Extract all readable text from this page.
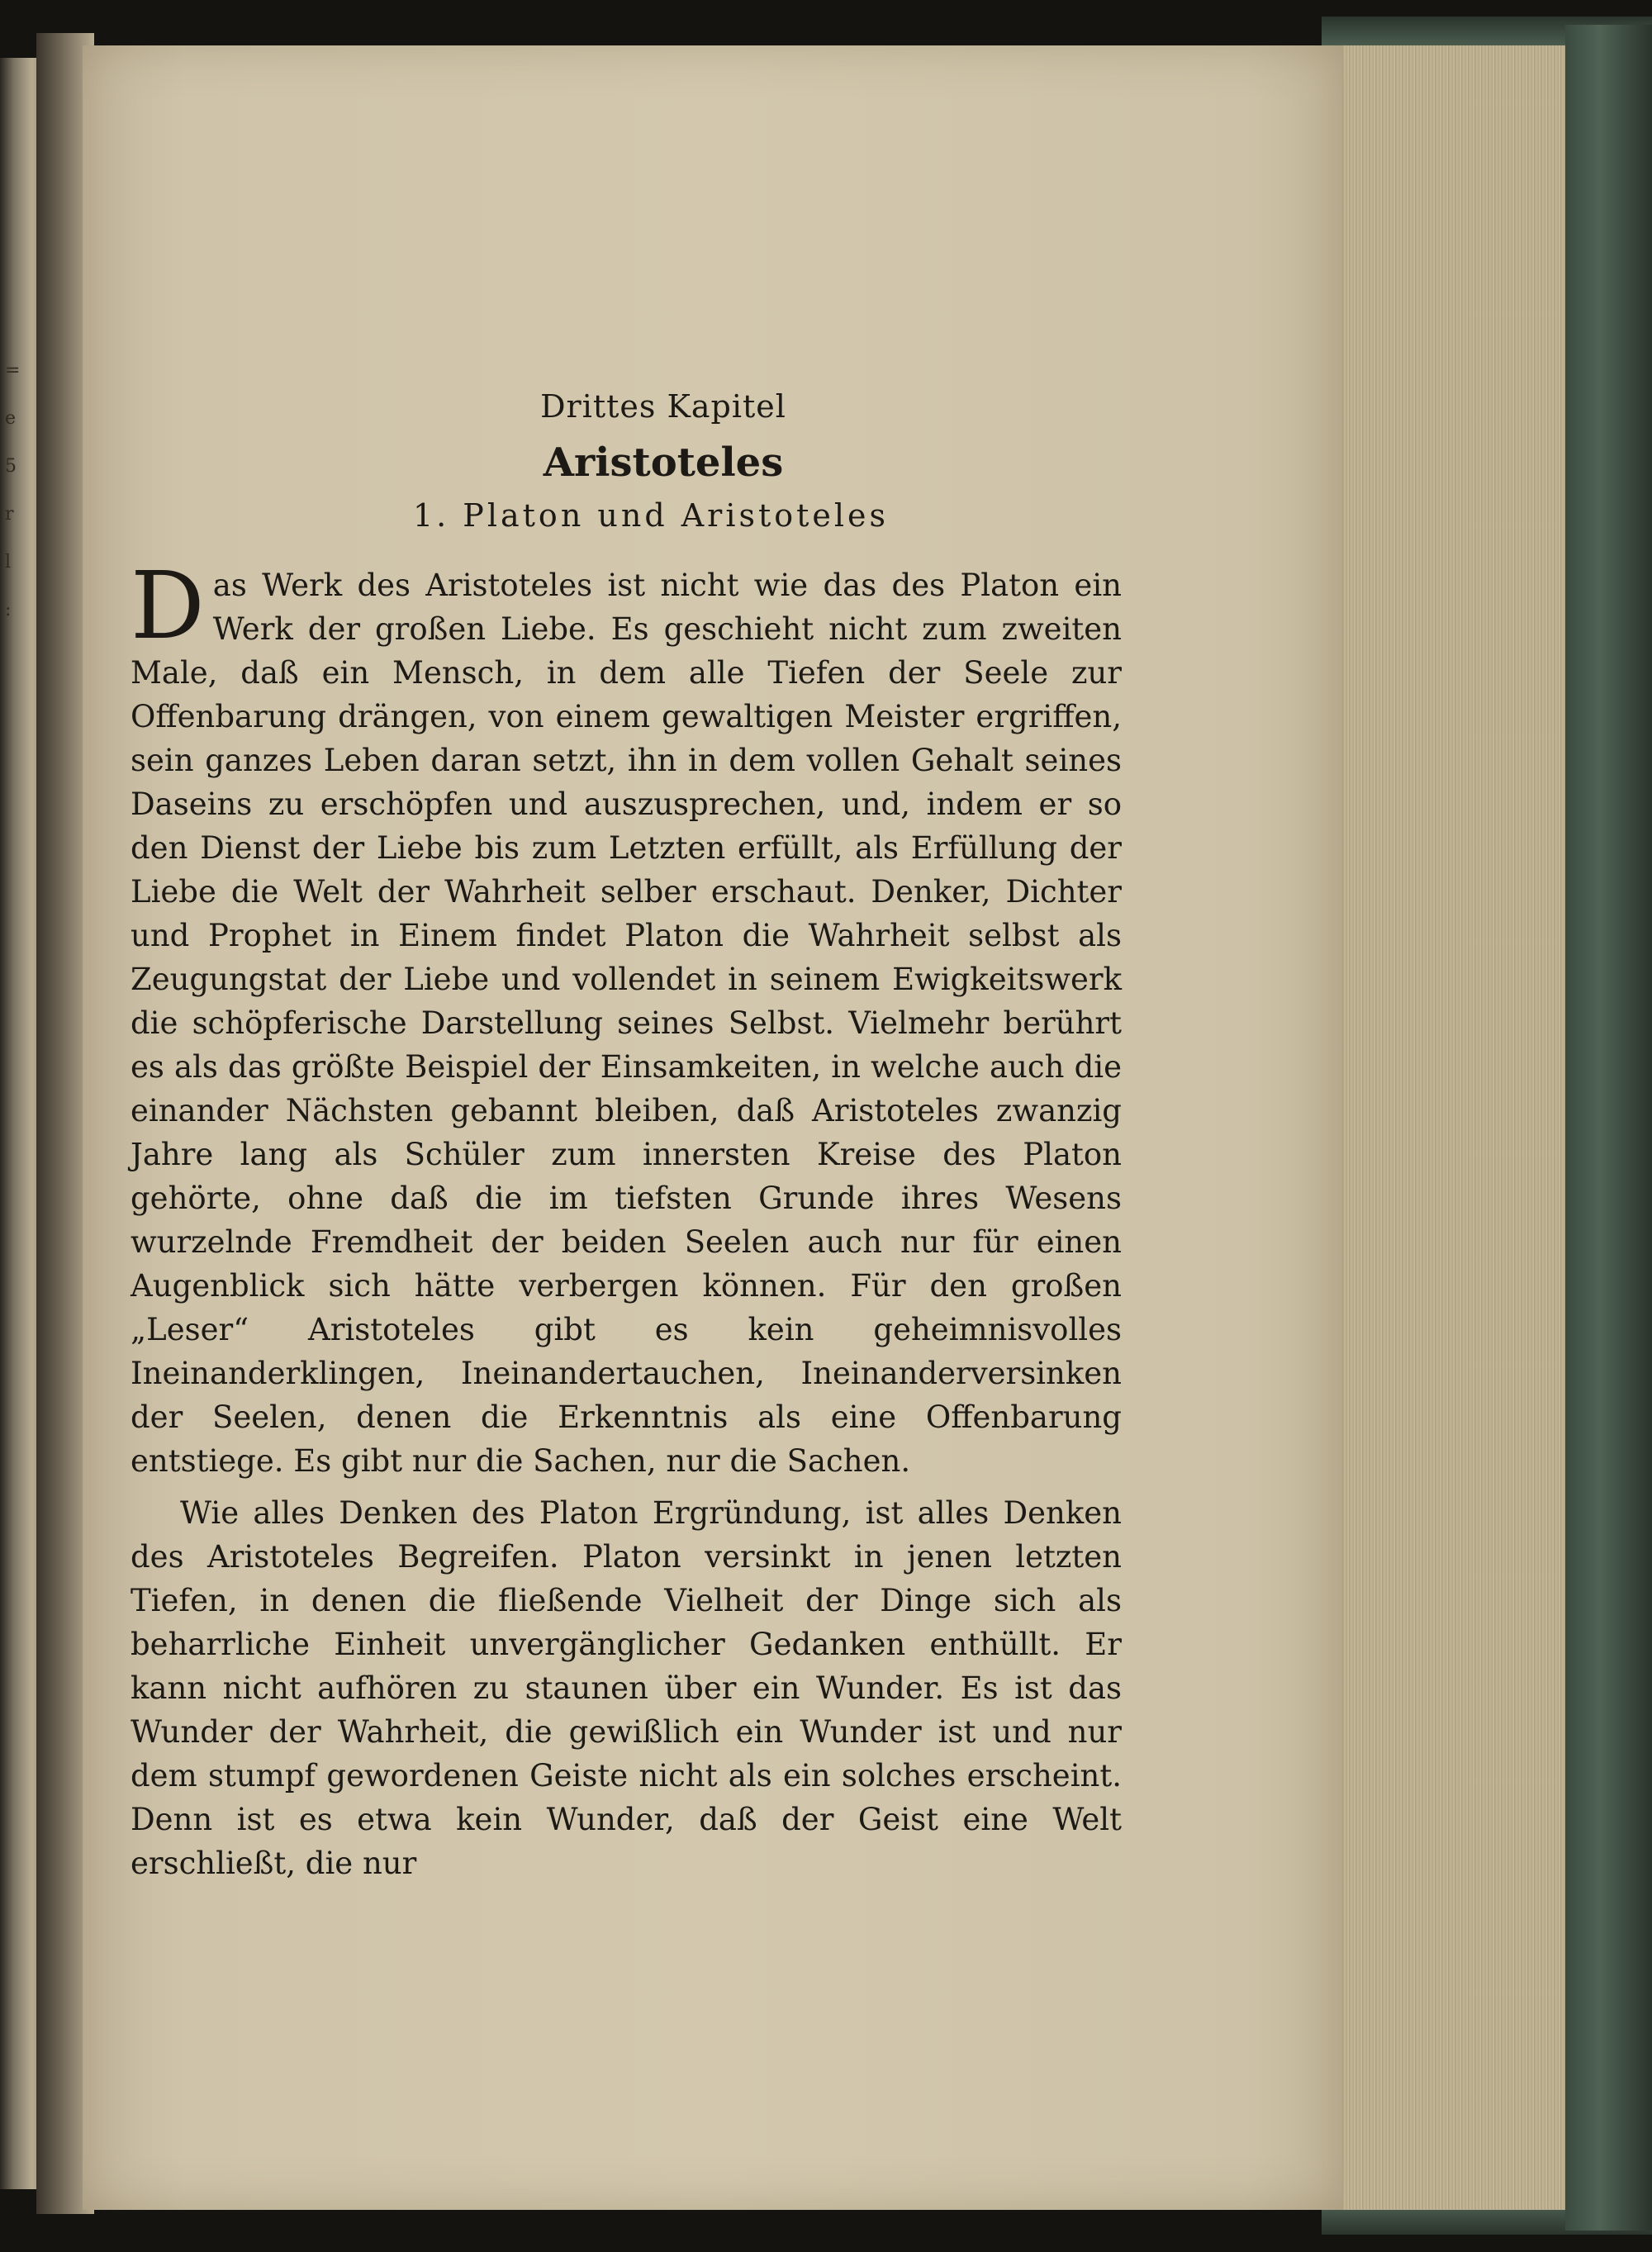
=
e
5
r
l
:
Drittes Kapitel
Aristoteles
1. Platon und Aristoteles

Das Werk des Aristoteles ist nicht wie das des Platon ein Werk der großen Liebe. Es geschieht nicht zum zweiten Male, daß ein Mensch, in dem alle Tiefen der Seele zur Offenbarung drängen, von einem gewaltigen Meister ergriffen, sein ganzes Leben daran setzt, ihn in dem vollen Gehalt seines Daseins zu erschöpfen und auszusprechen, und, indem er so den Dienst der Liebe bis zum Letzten erfüllt, als Erfüllung der Liebe die Welt der Wahrheit selber erschaut. Denker, Dichter und Prophet in Einem findet Platon die Wahrheit selbst als Zeugungstat der Liebe und vollendet in seinem Ewigkeitswerk die schöpferische Darstellung seines Selbst. Vielmehr berührt es als das größte Beispiel der Einsamkeiten, in welche auch die einander Nächsten gebannt bleiben, daß Aristoteles zwanzig Jahre lang als Schüler zum innersten Kreise des Platon gehörte, ohne daß die im tiefsten Grunde ihres Wesens wurzelnde Fremdheit der beiden Seelen auch nur für einen Augenblick sich hätte verbergen können. Für den großen „Leser“ Aristoteles gibt es kein geheimnisvolles Ineinanderklingen, Ineinandertauchen, Ineinanderversinken der Seelen, denen die Erkenntnis als eine Offenbarung entstiege. Es gibt nur die Sachen, nur die Sachen.

Wie alles Denken des Platon Ergründung, ist alles Denken des Aristoteles Begreifen. Platon versinkt in jenen letzten Tiefen, in denen die fließende Vielheit der Dinge sich als beharrliche Einheit unvergänglicher Gedanken enthüllt. Er kann nicht aufhören zu staunen über ein Wunder. Es ist das Wunder der Wahrheit, die gewißlich ein Wunder ist und nur dem stumpf gewordenen Geiste nicht als ein solches erscheint. Denn ist es etwa kein Wunder, daß der Geist eine Welt erschließt, die nur
